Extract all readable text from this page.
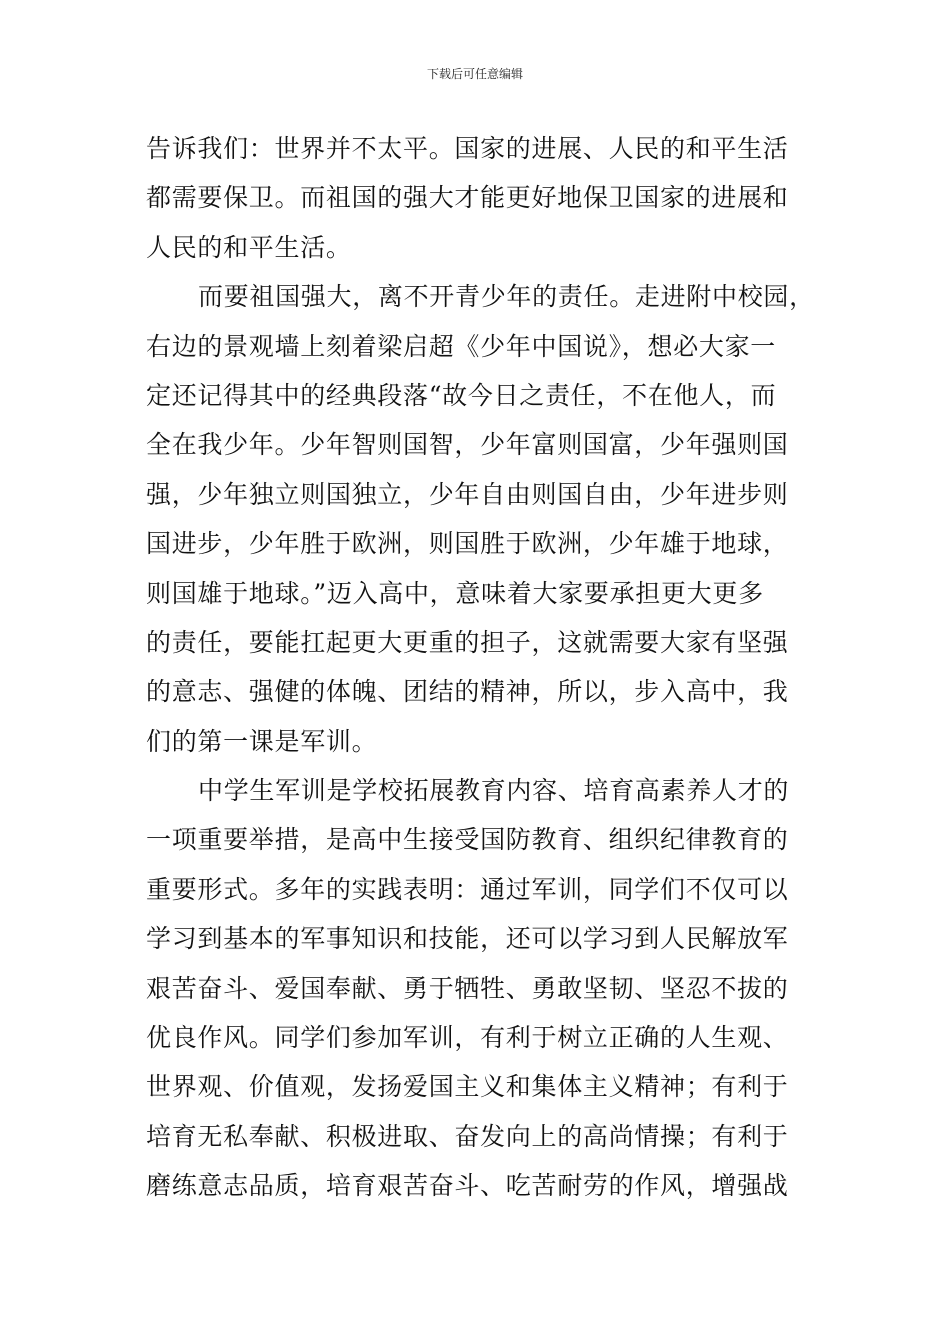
下载后可任意编辑
告诉我们：世界并不太平。国家的进展、人民的和平生活
都需要保卫。而祖国的强大才能更好地保卫国家的进展和
人民的和平生活。
而要祖国强大，离不开青少年的责任。走进附中校园，
右边的景观墙上刻着梁启超《少年中国说》，想必大家一
定还记得其中的经典段落“故今日之责任，不在他人，而
全在我少年。少年智则国智，少年富则国富，少年强则国
强，少年独立则国独立，少年自由则国自由，少年进步则
国进步，少年胜于欧洲，则国胜于欧洲，少年雄于地球，
则国雄于地球。”迈入高中，意味着大家要承担更大更多
的责任，要能扛起更大更重的担子，这就需要大家有坚强
的意志、强健的体魄、团结的精神，所以，步入高中，我
们的第一课是军训。
中学生军训是学校拓展教育内容、培育高素养人才的
一项重要举措，是高中生接受国防教育、组织纪律教育的
重要形式。多年的实践表明：通过军训，同学们不仅可以
学习到基本的军事知识和技能，还可以学习到人民解放军
艰苦奋斗、爱国奉献、勇于牺牲、勇敢坚韧、坚忍不拔的
优良作风。同学们参加军训，有利于树立正确的人生观、
世界观、价值观，发扬爱国主义和集体主义精神；有利于
培育无私奉献、积极进取、奋发向上的高尚情操；有利于
磨练意志品质，培育艰苦奋斗、吃苦耐劳的作风，增强战
